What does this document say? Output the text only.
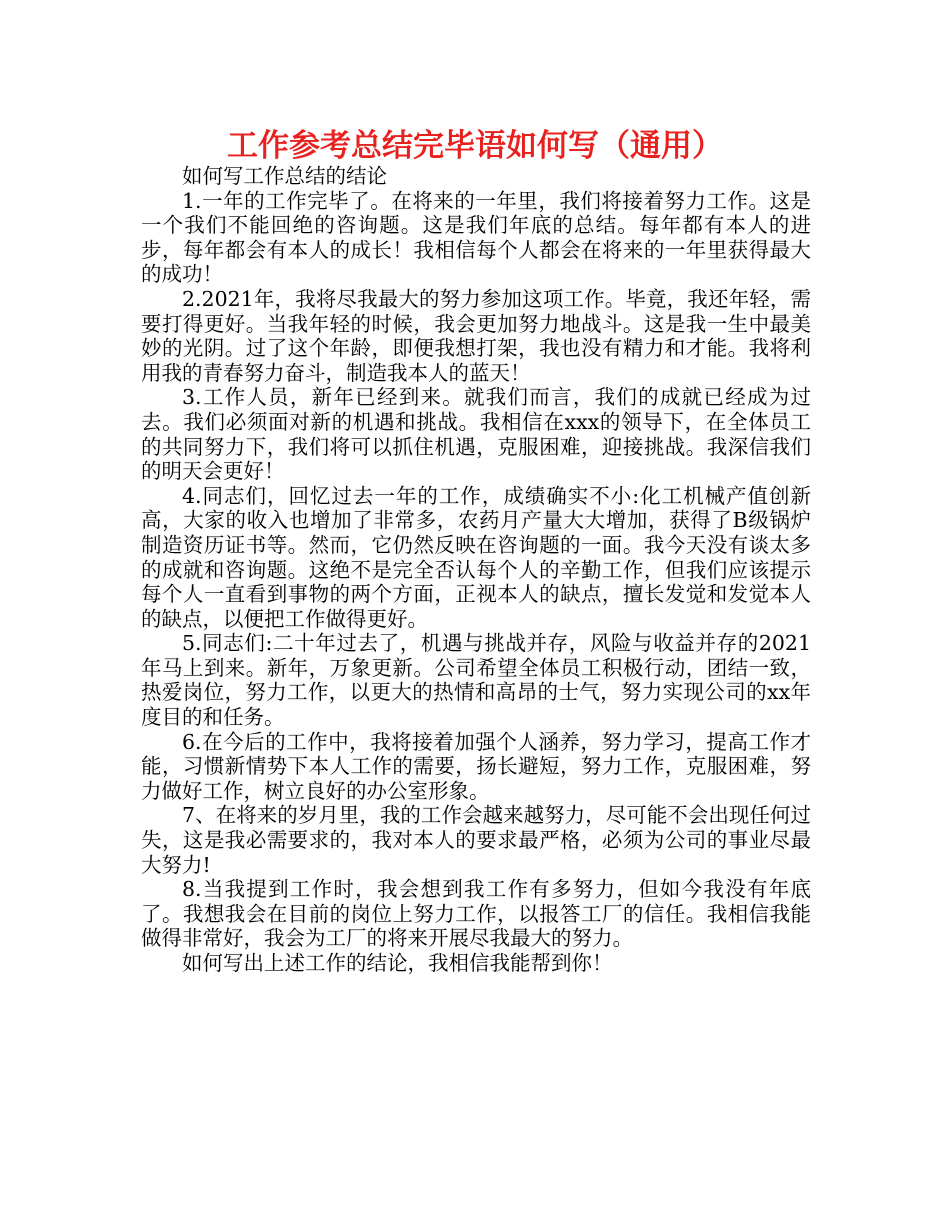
工作参考总结完毕语如何写（通用）

如何写工作总结的结论

1.一年的工作完毕了。在将来的一年里，我们将接着努力工作。这是一个我们不能回绝的咨询题。这是我们年底的总结。每年都有本人的进步，每年都会有本人的成长！我相信每个人都会在将来的一年里获得最大的成功！

2.2021年，我将尽我最大的努力参加这项工作。毕竟，我还年轻，需要打得更好。当我年轻的时候，我会更加努力地战斗。这是我一生中最美妙的光阴。过了这个年龄，即便我想打架，我也没有精力和才能。我将利用我的青春努力奋斗，制造我本人的蓝天！

3.工作人员，新年已经到来。就我们而言，我们的成就已经成为过去。我们必须面对新的机遇和挑战。我相信在xxx的领导下，在全体员工的共同努力下，我们将可以抓住机遇，克服困难，迎接挑战。我深信我们的明天会更好！

4.同志们，回忆过去一年的工作，成绩确实不小:化工机械产值创新高，大家的收入也增加了非常多，农药月产量大大增加，获得了B级锅炉制造资历证书等。然而，它仍然反映在咨询题的一面。我今天没有谈太多的成就和咨询题。这绝不是完全否认每个人的辛勤工作，但我们应该提示每个人一直看到事物的两个方面，正视本人的缺点，擅长发觉和发觉本人的缺点，以便把工作做得更好。

5.同志们:二十年过去了，机遇与挑战并存，风险与收益并存的2021年马上到来。新年，万象更新。公司希望全体员工积极行动，团结一致，热爱岗位，努力工作，以更大的热情和高昂的士气，努力实现公司的xx年度目的和任务。

6.在今后的工作中，我将接着加强个人涵养，努力学习，提高工作才能，习惯新情势下本人工作的需要，扬长避短，努力工作，克服困难，努力做好工作，树立良好的办公室形象。

7、在将来的岁月里，我的工作会越来越努力，尽可能不会出现任何过失，这是我必需要求的，我对本人的要求最严格，必须为公司的事业尽最大努力!

8.当我提到工作时，我会想到我工作有多努力，但如今我没有年底了。我想我会在目前的岗位上努力工作，以报答工厂的信任。我相信我能做得非常好，我会为工厂的将来开展尽我最大的努力。

如何写出上述工作的结论，我相信我能帮到你！
